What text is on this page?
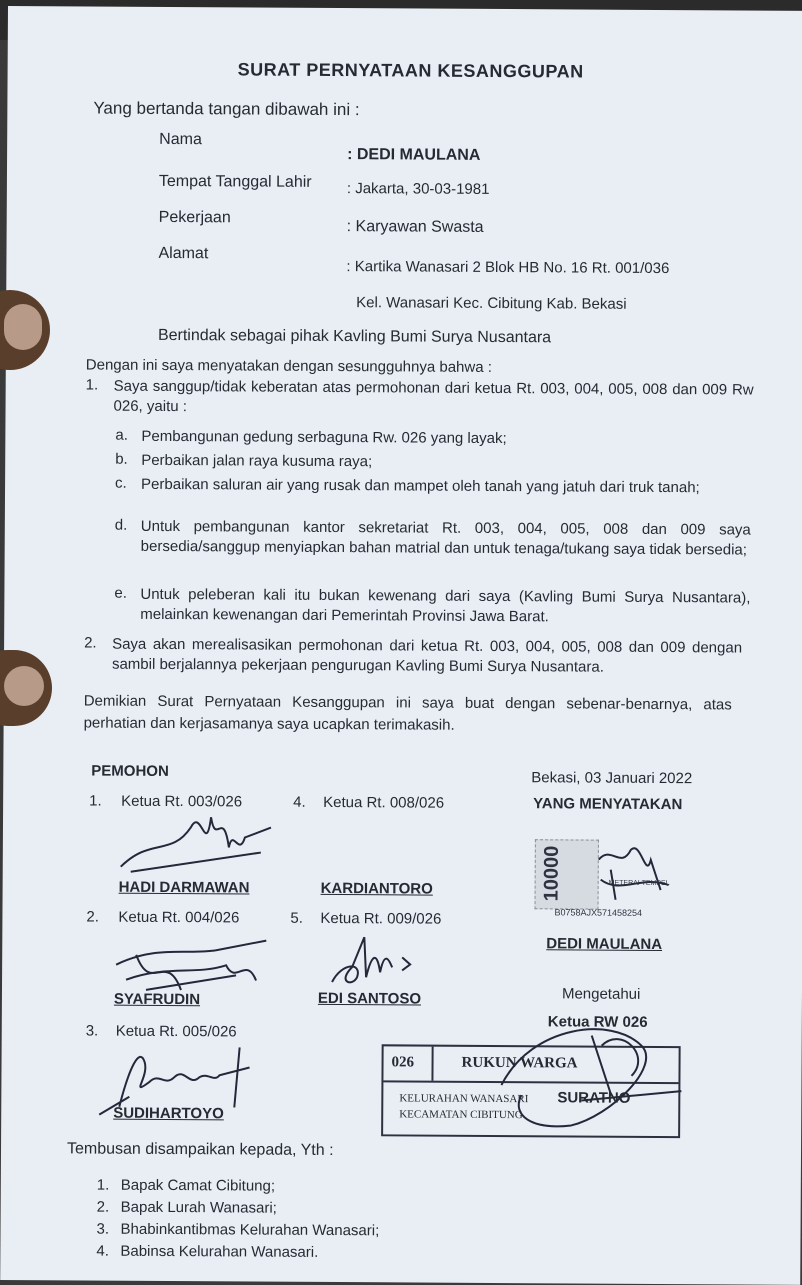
SURAT PERNYATAAN KESANGGUPAN
Yang bertanda tangan dibawah ini :
Nama
: DEDI MAULANA
Tempat Tanggal Lahir : Jakarta, 30-03-1981
Pekerjaan
: Karyawan Swasta
Alamat
: Kartika Wanasari 2 Blok HB No. 16 Rt. 001/036
Kel. Wanasari Kec. Cibitung Kab. Bekasi
Bertindak sebagai pihak Kavling Bumi Surya Nusantara
Dengan ini saya menyatakan dengan sesungguhnya bahwa :
1. Saya sanggup/tidak keberatan atas permohonan dari ketua Rt. 003, 004, 005, 008 dan 009 Rw 026, yaitu :
a. Pembangunan gedung serbaguna Rw. 026 yang layak;
b. Perbaikan jalan raya kusuma raya;
c. Perbaikan saluran air yang rusak dan mampet oleh tanah yang jatuh dari truk tanah;
d. Untuk pembangunan kantor sekretariat Rt. 003, 004, 005, 008 dan 009 saya bersedia/sanggup menyiapkan bahan matrial dan untuk tenaga/tukang saya tidak bersedia;
e. Untuk peleberan kali itu bukan kewenang dari saya (Kavling Bumi Surya Nusantara), melainkan kewenangan dari Pemerintah Provinsi Jawa Barat.
2. Saya akan merealisasikan permohonan dari ketua Rt. 003, 004, 005, 008 dan 009 dengan sambil berjalannya pekerjaan pengurugan Kavling Bumi Surya Nusantara.
Demikian Surat Pernyataan Kesanggupan ini saya buat dengan sebenar-benarnya, atas perhatian dan kerjasamanya saya ucapkan terimakasih.
PEMOHON	Bekasi, 03 Januari 2022
YANG MENYATAKAN
1. Ketua Rt. 003/026
HADI DARMAWAN
4. Ketua Rt. 008/026
KARDIANTORO
2. Ketua Rt. 004/026
SYAFRUDIN
5. Ketua Rt. 009/026
EDI SANTOSO
3. Ketua Rt. 005/026
SUDIHARTOYO
10000	METERAI TEMPEL
B0758AJX571458254
DEDI MAULANA
Mengetahui
Ketua RW 026
026	RUKUN WARGA
KELURAHAN WANASARI
KECAMATAN CIBITUNG
SURATNO
Tembusan disampaikan kepada, Yth :
1. Bapak Camat Cibitung;
2. Bapak Lurah Wanasari;
3. Bhabinkantibmas Kelurahan Wanasari;
4. Babinsa Kelurahan Wanasari.
